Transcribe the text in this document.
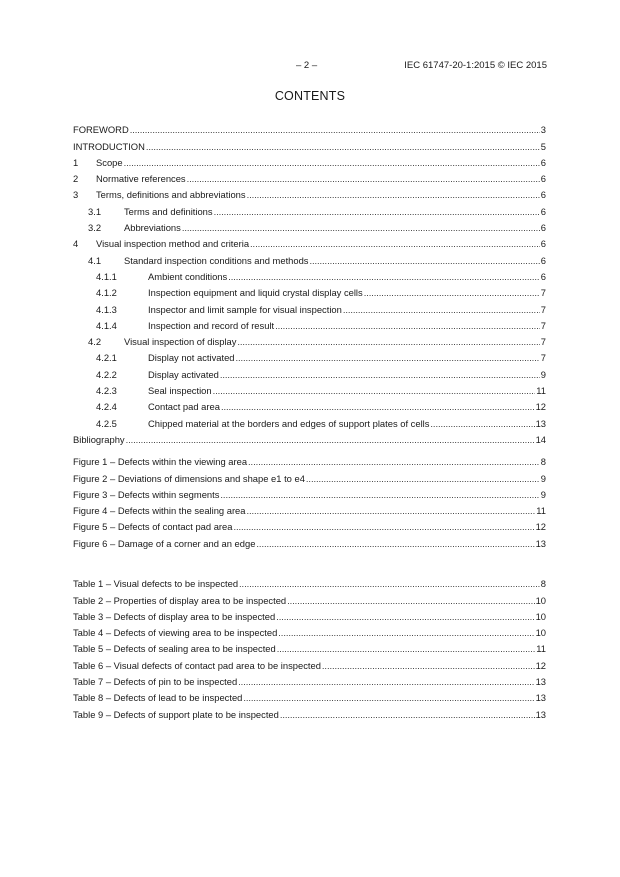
– 2 –	IEC 61747-20-1:2015 © IEC 2015
CONTENTS
FOREWORD . . .	3
INTRODUCTION . . .	5
1	Scope . . .	6
2	Normative references . . .	6
3	Terms, definitions and abbreviations . . .	6
3.1	Terms and definitions . . .	6
3.2	Abbreviations . . .	6
4	Visual inspection method and criteria . . .	6
4.1	Standard inspection conditions and methods . . .	6
4.1.1	Ambient conditions . . .	6
4.1.2	Inspection equipment and liquid crystal display cells . . .	7
4.1.3	Inspector and limit sample for visual inspection . . .	7
4.1.4	Inspection and record of result . . .	7
4.2	Visual inspection of display . . .	7
4.2.1	Display not activated . . .	7
4.2.2	Display activated . . .	9
4.2.3	Seal inspection . . .	11
4.2.4	Contact pad area . . .	12
4.2.5	Chipped material at the borders and edges of support plates of cells . . .	13
Bibliography . . .	14
Figure 1 – Defects within the viewing area . . .	8
Figure 2 – Deviations of dimensions and shape e1 to e4 . . .	9
Figure 3 – Defects within segments . . .	9
Figure 4 – Defects within the sealing area . . .	11
Figure 5 – Defects of contact pad area . . .	12
Figure 6 – Damage of a corner and an edge . . .	13
Table 1 – Visual defects to be inspected . . .	8
Table 2 – Properties of display area to be inspected . . .	10
Table 3 – Defects of display area to be inspected . . .	10
Table 4 – Defects of viewing area to be inspected . . .	10
Table 5 – Defects of sealing area to be inspected . . .	11
Table 6 – Visual defects of contact pad area to be inspected . . .	12
Table 7 – Defects of pin to be inspected . . .	13
Table 8 – Defects of lead to be inspected . . .	13
Table 9 – Defects of support plate to be inspected . . .	13
